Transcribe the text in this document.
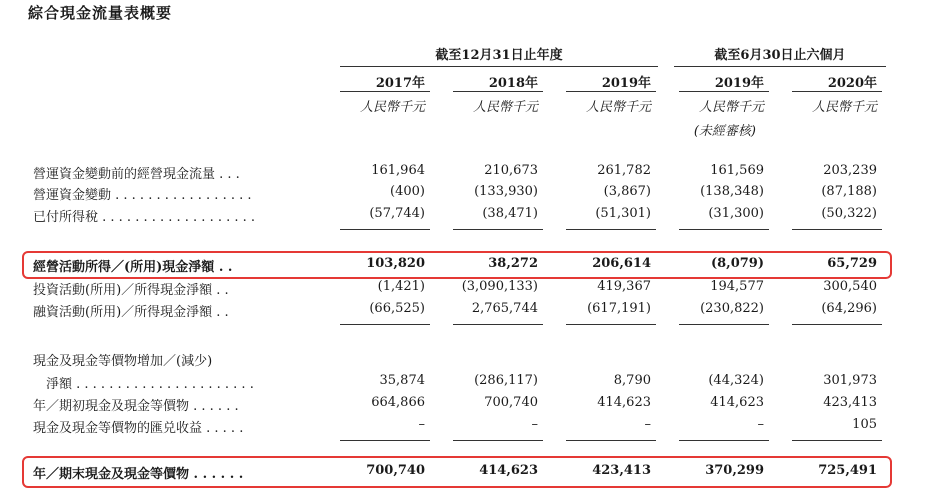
綜合現金流量表概要
截至12月31日止年度	截至6月30日止六個月
2017年	2018年	2019年	2019年	2020年
人民幣千元	人民幣千元	人民幣千元	人民幣千元	人民幣千元
(未經審核)
營運資金變動前的經營現金流量 . . .	161,964	210,673	261,782	161,569	203,239
營運資金變動 . . . . . . . . . . . . . . . . .	(400)	(133,930)	(3,867)	(138,348)	(87,188)
已付所得稅 . . . . . . . . . . . . . . . . . . .	(57,744)	(38,471)	(51,301)	(31,300)	(50,322)
經營活動所得／(所用)現金淨額 . .	103,820	38,272	206,614	(8,079)	65,729
投資活動(所用)／所得現金淨額 . .	(1,421)	(3,090,133)	419,367	194,577	300,540
融資活動(所用)／所得現金淨額 . .	(66,525)	2,765,744	(617,191)	(230,822)	(64,296)
現金及現金等價物增加／(減少)
　淨額 . . . . . . . . . . . . . . . . . . . . . .	35,874	(286,117)	8,790	(44,324)	301,973
年／期初現金及現金等價物 . . . . . .	664,866	700,740	414,623	414,623	423,413
現金及現金等價物的匯兑收益 . . . . .	–	–	–	–	105
年／期末現金及現金等價物 . . . . . .	700,740	414,623	423,413	370,299	725,491
